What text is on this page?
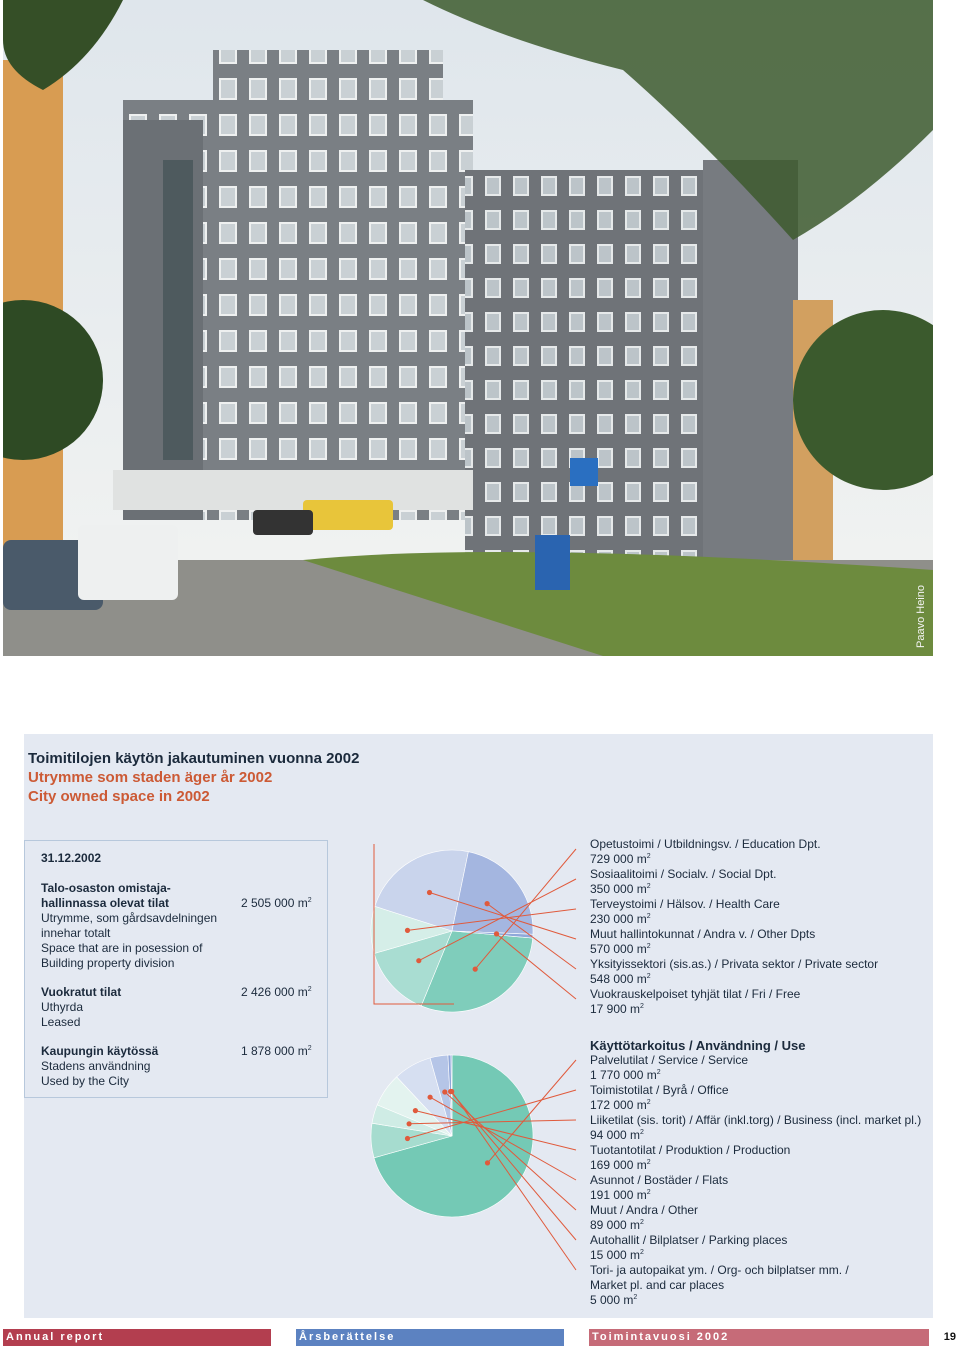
Paavo Heino
Toimitilojen käytön jakautuminen vuonna 2002
Utrymme som staden äger år 2002
City owned space in 2002
31.12.2002
Talo-osaston omistaja-
hallinnassa olevat tilat
Utrymme, som gårdsavdelningen
innehar totalt
Space that are in posession of
Building property division
2 505 000 $m^2$
Vuokratut tilat
Uthyrda
Leased
2 426 000 $m^2$
Kaupungin käytössä
Stadens användning
Used by the City
1 878 000 $m^2$
Opetustoimi / Utbildningsv. / Education Dpt.
729 000 $m^2$
Sosiaalitoimi / Socialv. / Social Dpt.
350 000 $m^2$
Terveystoimi / Hälsov. / Health Care
230 000 $m^2$
Muut hallintokunnat / Andra v. / Other Dpts
570 000 $m^2$
Yksityissektori (sis.as.) / Privata sektor / Private sector
548 000 $m^2$
Vuokrauskelpoiset tyhjät tilat / Fri / Free
17 900 $m^2$
Käyttötarkoitus / Användning / Use
Palvelutilat / Service / Service
1 770 000 $m^2$
Toimistotilat / Byrå / Office
172 000 $m^2$
Liiketilat (sis. torit) / Affär (inkl.torg) / Business (incl. market pl.)
94 000 $m^2$
Tuotantotilat / Produktion / Production
169 000 $m^2$
Asunnot / Bostäder / Flats
191 000 $m^2$
Muut / Andra / Other
89 000 $m^2$
Autohallit / Bilplatser / Parking places
15 000 $m^2$
Tori- ja autopaikat ym. / Org- och bilplatser mm. /
Market pl. and car places
5 000 $m^2$
Annual report	Årsberättelse	Toimintavuosi 2002	19
